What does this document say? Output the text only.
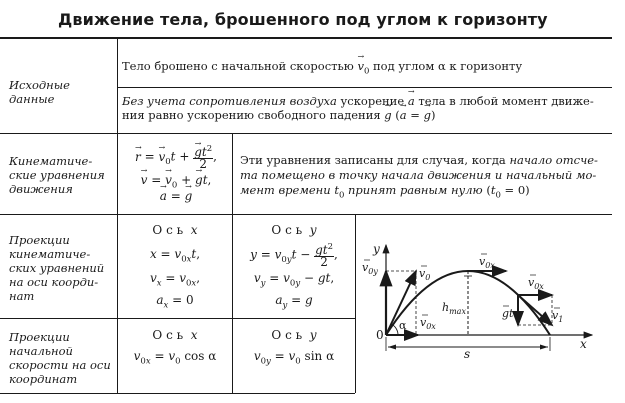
Движение тела, брошенного под углом к горизонту
Исходные
данные
Тело брошено с начальной скоростью → $v_0$ под углом α к горизонту
Без учета сопротивления воздуха ускорение → a тела в любой момент движе-
ния равно ускорению свободного падения → g (→ a = → g)
Кинематиче-
ские уравнения
движения
→ r = → $v_0t$ +
→ $\frac{gt^2}{2}$ ,
→ v = → $v_0$ + → gt,
→ a = → g
Эти уравнения записаны для случая, когда начало отсче-
та помещено в точку начала движения и начальный мо-
мент времени $t_0$ принят равным нулю $(t_0 = 0)$
Проекции
кинематиче-
ских уравнений
на оси коорди-
нат
О с ь  x
$x = v_{0x}t$,
$v_x = v_{0x}$,
$a_x = 0$
О с ь  y
$y = v_{0y}t - \frac{gt^2}{2}$ ,
$v_y = v_{0y}$ − gt,
$a_y = g$
Проекции
начальной
скорости на оси
координат
О с ь  x
$v_{0x} = v_0$ cos α
О с ь  y
$v_{0y} = v_0$ sin α
y
x
0
α
$v_{0y}$	$v_0$
$v_{0x}$
$v_{0x}$
$v_{0x}$
$h_{max}$	gt	$v_1$
s
